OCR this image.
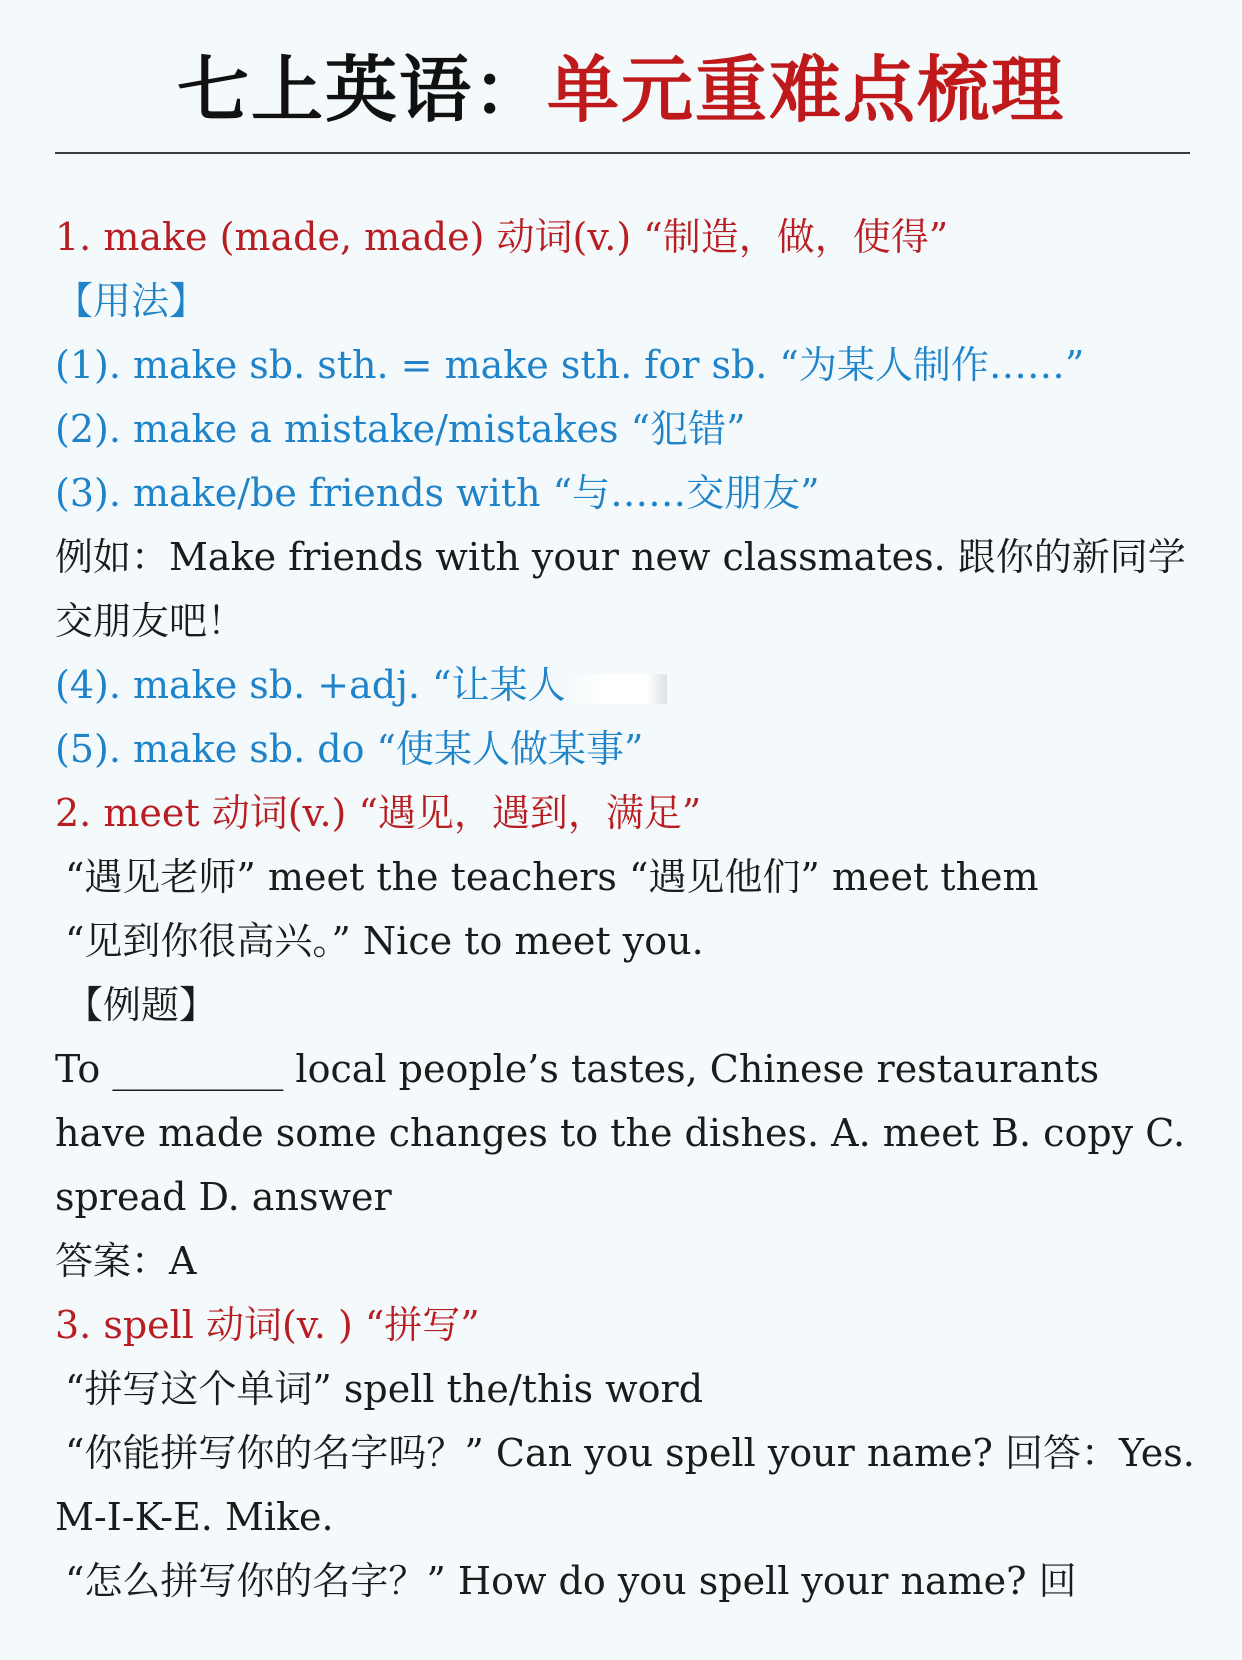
七上英语：单元重难点梳理
1. make (made, made) 动词(v.) “制造，做，使得”
【用法】
(1). make sb. sth. = make sth. for sb. “为某人制作……”
(2). make a mistake/mistakes “犯错”
(3). make/be friends with “与……交朋友”
例如：Make friends with your new classmates. 跟你的新同学交朋友吧！
(4). make sb. +adj. “让某人
(5). make sb. do “使某人做某事”
2. meet 动词(v.) “遇见，遇到，满足”
“遇见老师” meet the teachers “遇见他们” meet them
“见到你很高兴。” Nice to meet you.
【例题】
To _________ local people’s tastes, Chinese restaurants have made some changes to the dishes. A. meet B. copy C. spread D. answer
答案：A
3. spell 动词(v. ) “拼写”
“拼写这个单词” spell the/this word
“你能拼写你的名字吗？” Can you spell your name? 回答：Yes. M-I-K-E. Mike.
“怎么拼写你的名字？” How do you spell your name? 回
